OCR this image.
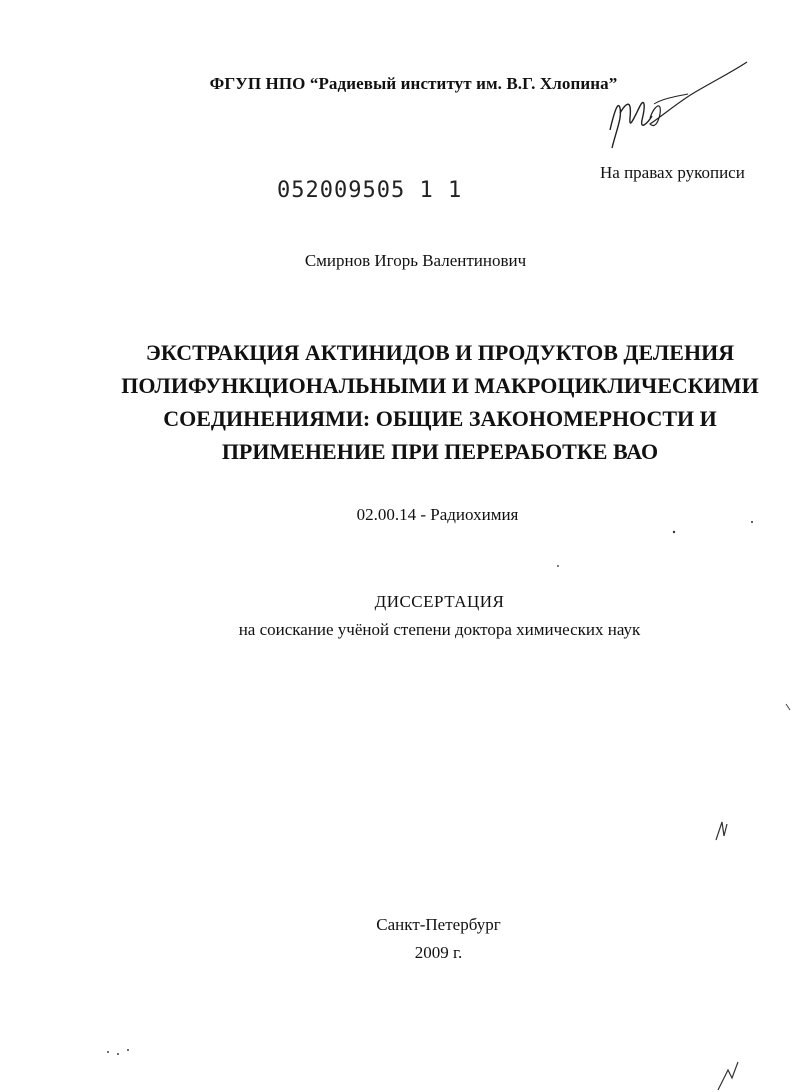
ФГУП НПО “Радиевый институт им. В.Г. Хлопина”
На правах рукописи
052009505 1 1
Смирнов Игорь Валентинович
ЭКСТРАКЦИЯ АКТИНИДОВ И ПРОДУКТОВ ДЕЛЕНИЯ
ПОЛИФУНКЦИОНАЛЬНЫМИ И МАКРОЦИКЛИЧЕСКИМИ
СОЕДИНЕНИЯМИ: ОБЩИЕ ЗАКОНОМЕРНОСТИ И
ПРИМЕНЕНИЕ ПРИ ПЕРЕРАБОТКЕ ВАО
02.00.14 - Радиохимия
ДИССЕРТАЦИЯ
на соискание учёной степени доктора химических наук
Санкт-Петербург
2009 г.
